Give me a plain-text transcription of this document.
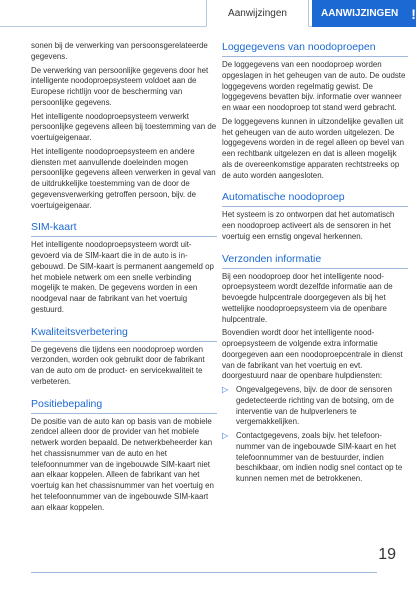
Aanwijzingen	AANWIJZINGEN !

sonen bij de verwerking van persoonsgerelateerde gegevens.

De verwerking van persoonlijke gegevens door het intelligente noodoproepsysteem voldoet aan de Europese richtlijn voor de bescherming van persoonlijke gegevens.

Het intelligente noodoproepsysteem verwerkt persoonlijke gegevens alleen bij toestemming van de voertuigeigenaar.

Het intelligente noodoproepsysteem en andere diensten met aanvullende doeleinden mogen persoonlijke gegevens alleen verwerken in geval van de uitdrukkelijke toestemming van de door de gegevensverwerking getroffen persoon, bijv. de voertuigeigenaar.

SIM-kaart

Het intelligente noodoproepsysteem wordt uitgevoerd via de SIM-kaart die in de auto is ingebouwd. De SIM-kaart is permanent aangemeld op het mobiele netwerk om een snelle verbinding mogelijk te maken. De gegevens worden in een noodgeval naar de fabrikant van het voertuig gestuurd.

Kwaliteitsverbetering

De gegevens die tijdens een noodoproep worden verzonden, worden ook gebruikt door de fabrikant van de auto om de product- en servicekwaliteit te verbeteren.

Positiebepaling

De positie van de auto kan op basis van de mobiele zendcel alleen door de provider van het mobiele netwerk worden bepaald. De netwerkbeheerder kan het chassisnummer van de auto en het telefoonnummer van de ingebouwde SIM-kaart niet aan elkaar koppelen. Alleen de fabrikant van het voertuig kan het chassisnummer van het voertuig en het telefoonnummer van de ingebouwde SIM-kaart aan elkaar koppelen.

Loggegevens van noodoproepen

De loggegevens van een noodoproep worden opgeslagen in het geheugen van de auto. De oudste loggegevens worden regelmatig gewist. De loggegevens bevatten bijv. informatie over wanneer en waar een noodoproep tot stand werd gebracht.

De loggegevens kunnen in uitzondelijke gevallen uit het geheugen van de auto worden uitgelezen. De loggegevens worden in de regel alleen op bevel van een rechtbank uitgelezen en dat is alleen mogelijk als de overeenkomstige apparaten rechtstreeks op de auto worden aangesloten.

Automatische noodoproep

Het systeem is zo ontworpen dat het automatisch een noodoproep activeert als de sensoren in het voertuig een ernstig ongeval herkennen.

Verzonden informatie

Bij een noodoproep door het intelligente noodoproepsysteem wordt dezelfde informatie aan de bevoegde hulpcentrale doorgegeven als bij het wettelijke noodoproepsysteem via de openbare hulpcentrale.

Bovendien wordt door het intelligente noodoproepsysteem de volgende extra informatie doorgegeven aan een noodoproepcentrale in dienst van de fabrikant van het voertuig en evt. doorgestuurd naar de openbare hulpdiensten:

▷ Ongevalgegevens, bijv. de door de sensoren gedetecteerde richting van de botsing, om de interventie van de hulpverleners te vergemakkelijken.
▷ Contactgegevens, zoals bijv. het telefoonnummer van de ingebouwde SIM-kaart en het telefoonnummer van de bestuurder, indien beschikbaar, om indien nodig snel contact op te kunnen nemen met de betrokkenen.
19
